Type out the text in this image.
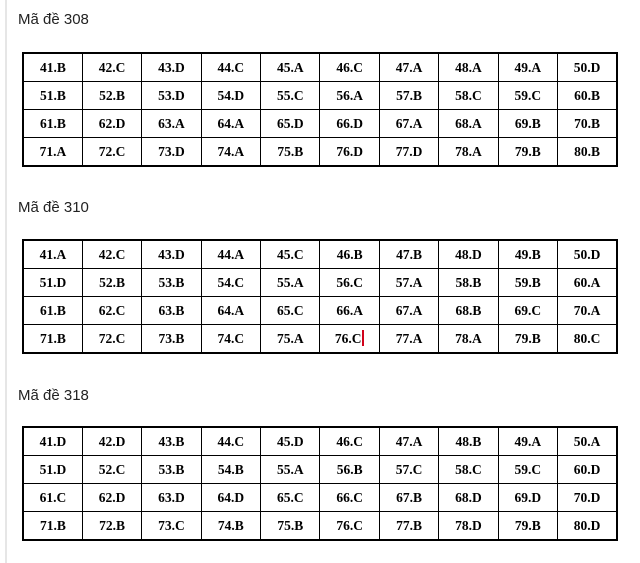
Mã đề 308
41.B	42.C	43.D	44.C	45.A	46.C	47.A	48.A	49.A	50.D
51.B	52.B	53.D	54.D	55.C	56.A	57.B	58.C	59.C	60.B
61.B	62.D	63.A	64.A	65.D	66.D	67.A	68.A	69.B	70.B
71.A	72.C	73.D	74.A	75.B	76.D	77.D	78.A	79.B	80.B
Mã đề 310
41.A	42.C	43.D	44.A	45.C	46.B	47.B	48.D	49.B	50.D
51.D	52.B	53.B	54.C	55.A	56.C	57.A	58.B	59.B	60.A
61.B	62.C	63.B	64.A	65.C	66.A	67.A	68.B	69.C	70.A
71.B	72.C	73.B	74.C	75.A	76.C	77.A	78.A	79.B	80.C
Mã đề 318
41.D	42.D	43.B	44.C	45.D	46.C	47.A	48.B	49.A	50.A
51.D	52.C	53.B	54.B	55.A	56.B	57.C	58.C	59.C	60.D
61.C	62.D	63.D	64.D	65.C	66.C	67.B	68.D	69.D	70.D
71.B	72.B	73.C	74.B	75.B	76.C	77.B	78.D	79.B	80.D
